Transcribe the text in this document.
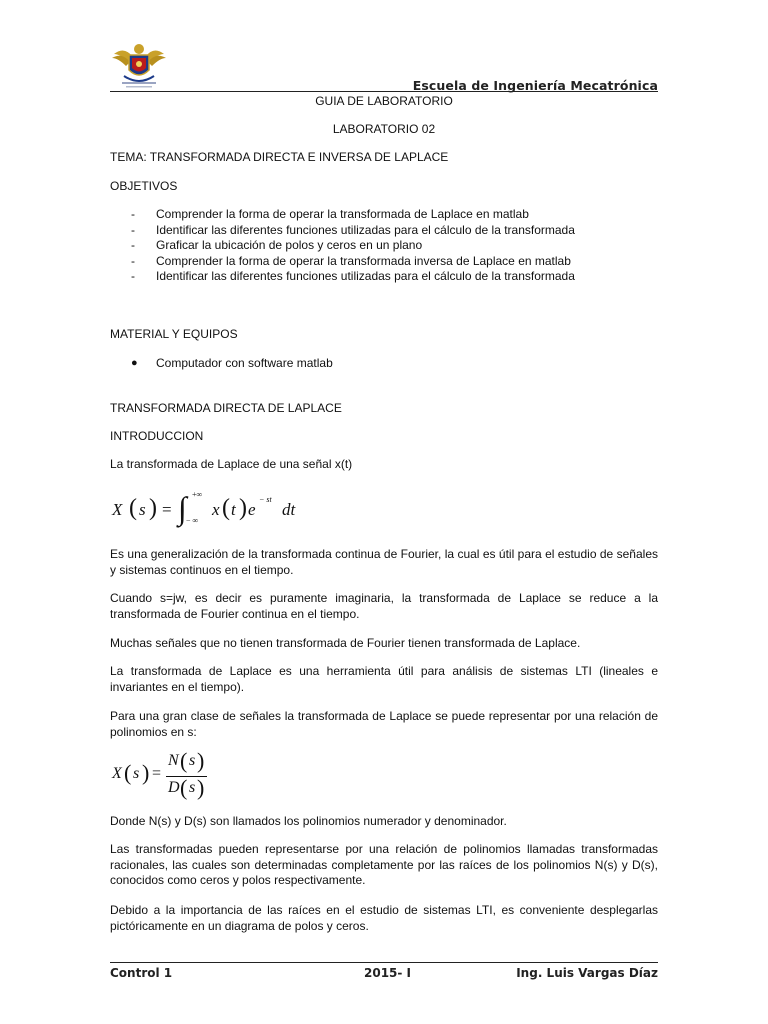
Escuela de Ingeniería Mecatrónica
GUIA DE LABORATORIO
LABORATORIO 02
TEMA: TRANSFORMADA DIRECTA E INVERSA DE LAPLACE
OBJETIVOS
- Comprender la forma de operar la transformada de Laplace en matlab
- Identificar las diferentes funciones utilizadas para el cálculo de la transformada
- Graficar la ubicación de polos y ceros en un plano
- Comprender la forma de operar la transformada inversa de Laplace en matlab
- Identificar las diferentes funciones utilizadas para el cálculo de la transformada
MATERIAL Y EQUIPOS
● Computador con software matlab
TRANSFORMADA DIRECTA DE LAPLACE
INTRODUCCION
La transformada de Laplace de una señal x(t)
X ( s ) = ∫ +∞
− ∞
x ( t ) e
− st
dt
Es una generalización de la transformada continua de Fourier, la cual es útil para el estudio de señales y sistemas continuos en el tiempo.
Cuando s=jw, es decir es puramente imaginaria, la transformada de Laplace se reduce a la transformada de Fourier continua en el tiempo.
Muchas señales que no tienen transformada de Fourier tienen transformada de Laplace.
La transformada de Laplace es una herramienta útil para análisis de sistemas LTI (lineales e invariantes en el tiempo).
Para una gran clase de señales la transformada de Laplace se puede representar por una relación de polinomios en s:
X ( s ) =
N ( s )
D ( s )
Donde N(s) y D(s) son llamados los polinomios numerador y denominador.
Las transformadas pueden representarse por una relación de polinomios llamadas transformadas racionales, las cuales son determinadas completamente por las raíces de los polinomios N(s) y D(s), conocidos como ceros y polos respectivamente.
Debido a la importancia de las raíces en el estudio de sistemas LTI, es conveniente desplegarlas pictóricamente en un diagrama de polos y ceros.
Control 1	2015- I	Ing. Luis Vargas Díaz
